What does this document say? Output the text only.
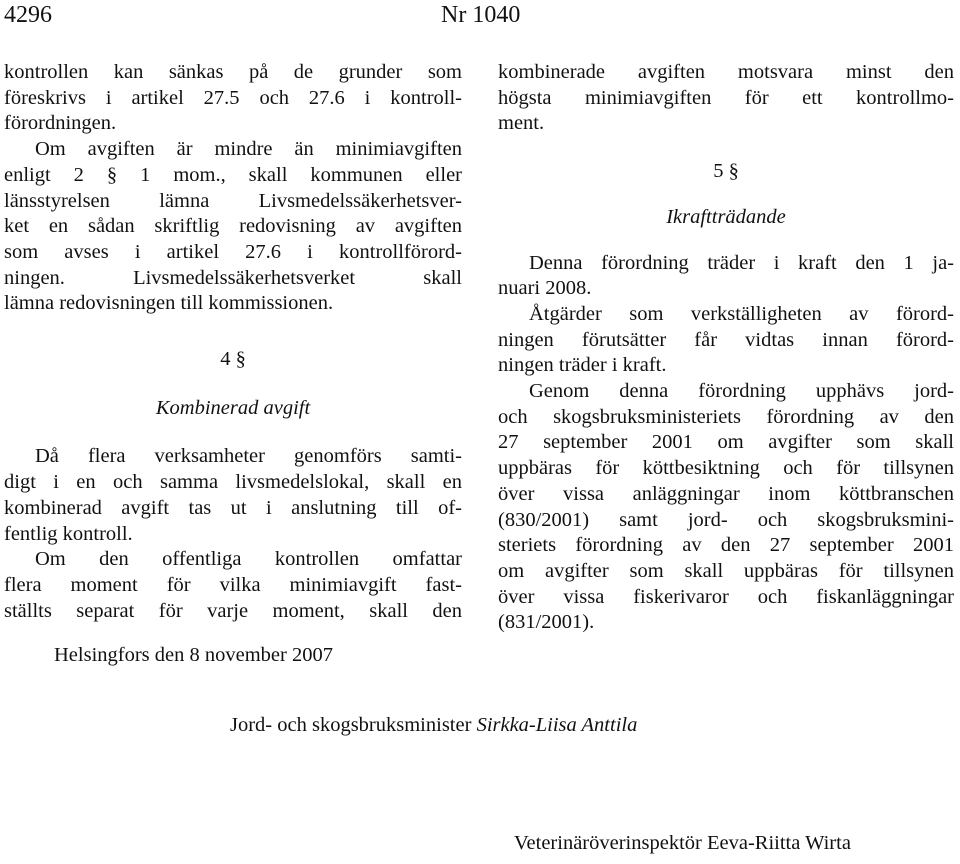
4296	Nr 1040
kontrollen kan sänkas på de grunder som
föreskrivs i artikel 27.5 och 27.6 i kontroll-
förordningen.
Om avgiften är mindre än minimiavgiften
enligt 2 § 1 mom., skall kommunen eller
länsstyrelsen lämna Livsmedelssäkerhetsver-
ket en sådan skriftlig redovisning av avgiften
som avses i artikel 27.6 i kontrollförord-
ningen. Livsmedelssäkerhetsverket skall
lämna redovisningen till kommissionen.
4 §
Kombinerad avgift
Då flera verksamheter genomförs samti-
digt i en och samma livsmedelslokal, skall en
kombinerad avgift tas ut i anslutning till of-
fentlig kontroll.
Om den offentliga kontrollen omfattar
flera moment för vilka minimiavgift fast-
ställts separat för varje moment, skall den
kombinerade avgiften motsvara minst den
högsta minimiavgiften för ett kontrollmo-
ment.
5 §
Ikraftträdande
Denna förordning träder i kraft den 1 ja-
nuari 2008.
Åtgärder som verkställigheten av förord-
ningen förutsätter får vidtas innan förord-
ningen träder i kraft.
Genom denna förordning upphävs jord-
och skogsbruksministeriets förordning av den
27 september 2001 om avgifter som skall
uppbäras för köttbesiktning och för tillsynen
över vissa anläggningar inom köttbranschen
(830/2001) samt jord- och skogsbruksmini-
steriets förordning av den 27 september 2001
om avgifter som skall uppbäras för tillsynen
över vissa fiskerivaror och fiskanläggningar
(831/2001).
Helsingfors den 8 november 2007
Jord- och skogsbruksminister Sirkka-Liisa Anttila
Veterinäröverinspektör Eeva-Riitta Wirta
